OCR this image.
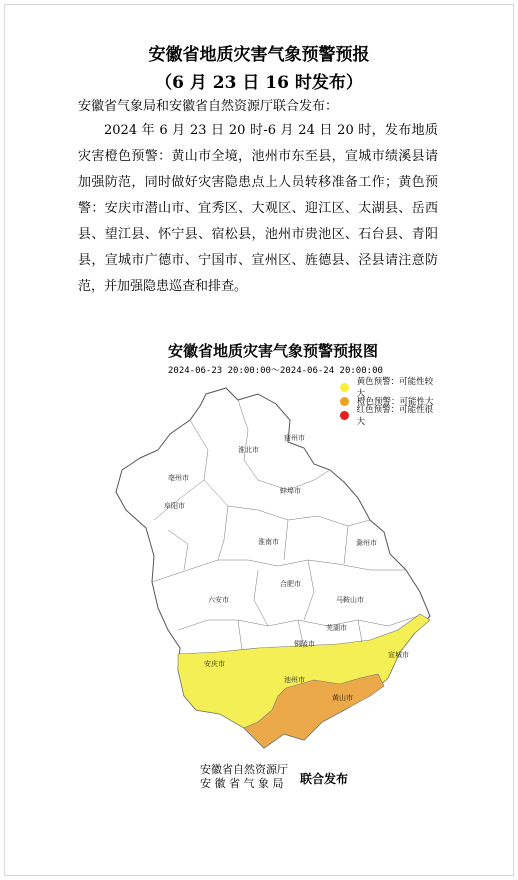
安徽省地质灾害气象预警预报
（6 月 23 日 16 时发布）
安徽省气象局和安徽省自然资源厅联合发布：
2024 年 6 月 23 日 20 时-6 月 24 日 20 时，发布地质灾害橙色预警：黄山市全境，池州市东至县，宣城市绩溪县请加强防范，同时做好灾害隐患点上人员转移准备工作；黄色预警：安庆市潜山市、宜秀区、大观区、迎江区、太湖县、岳西县、望江县、怀宁县、宿松县，池州市贵池区、石台县、青阳县，宣城市广德市、宁国市、宣州区、旌德县、泾县请注意防范，并加强隐患巡查和排查。
宿州市
淮北市
亳州市
蚌埠市
阜阳市
淮南市	滁州市
六安市
合肥市
马鞍山市
铜陵市
芜湖市
宣城市
安庆市
池州市
黄山市
安徽省地质灾害气象预警预报图
2024-06-23 20:00:00～2024-06-24 20:00:00
黄色预警：可能性较大
橙色预警：可能性大
红色预警：可能性很大
安徽省自然资源厅
安 徽 省 气 象 局	联合发布
